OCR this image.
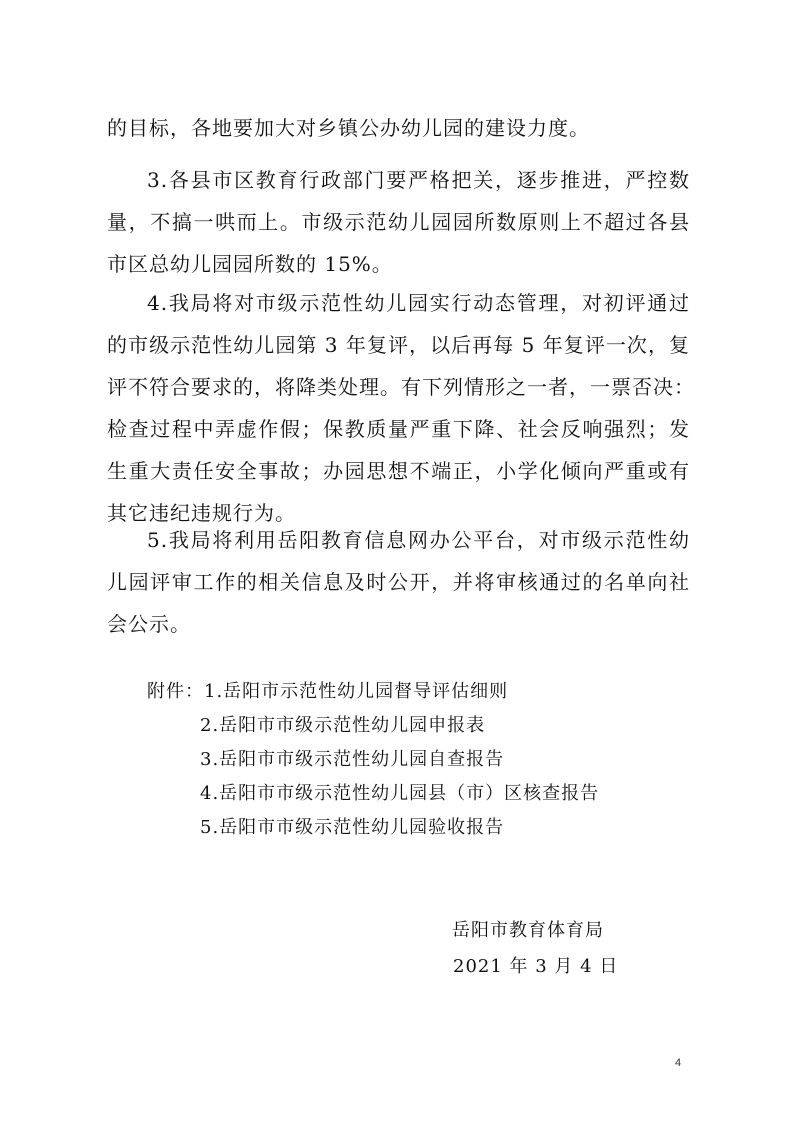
的目标，各地要加大对乡镇公办幼儿园的建设力度。

3.各县市区教育行政部门要严格把关，逐步推进，严控数
量，不搞一哄而上。市级示范幼儿园园所数原则上不超过各县
市区总幼儿园园所数的 15%。

4.我局将对市级示范性幼儿园实行动态管理，对初评通过
的市级示范性幼儿园第 3 年复评，以后再每 5 年复评一次，复
评不符合要求的，将降类处理。有下列情形之一者，一票否决：
检查过程中弄虚作假；保教质量严重下降、社会反响强烈；发
生重大责任安全事故；办园思想不端正，小学化倾向严重或有
其它违纪违规行为。

5.我局将利用岳阳教育信息网办公平台，对市级示范性幼
儿园评审工作的相关信息及时公开，并将审核通过的名单向社
会公示。

附件：1.岳阳市示范性幼儿园督导评估细则
2.岳阳市市级示范性幼儿园申报表
3.岳阳市市级示范性幼儿园自查报告
4.岳阳市市级示范性幼儿园县（市）区核查报告
5.岳阳市市级示范性幼儿园验收报告
岳阳市教育体育局
2021 年 3 月 4 日
4
